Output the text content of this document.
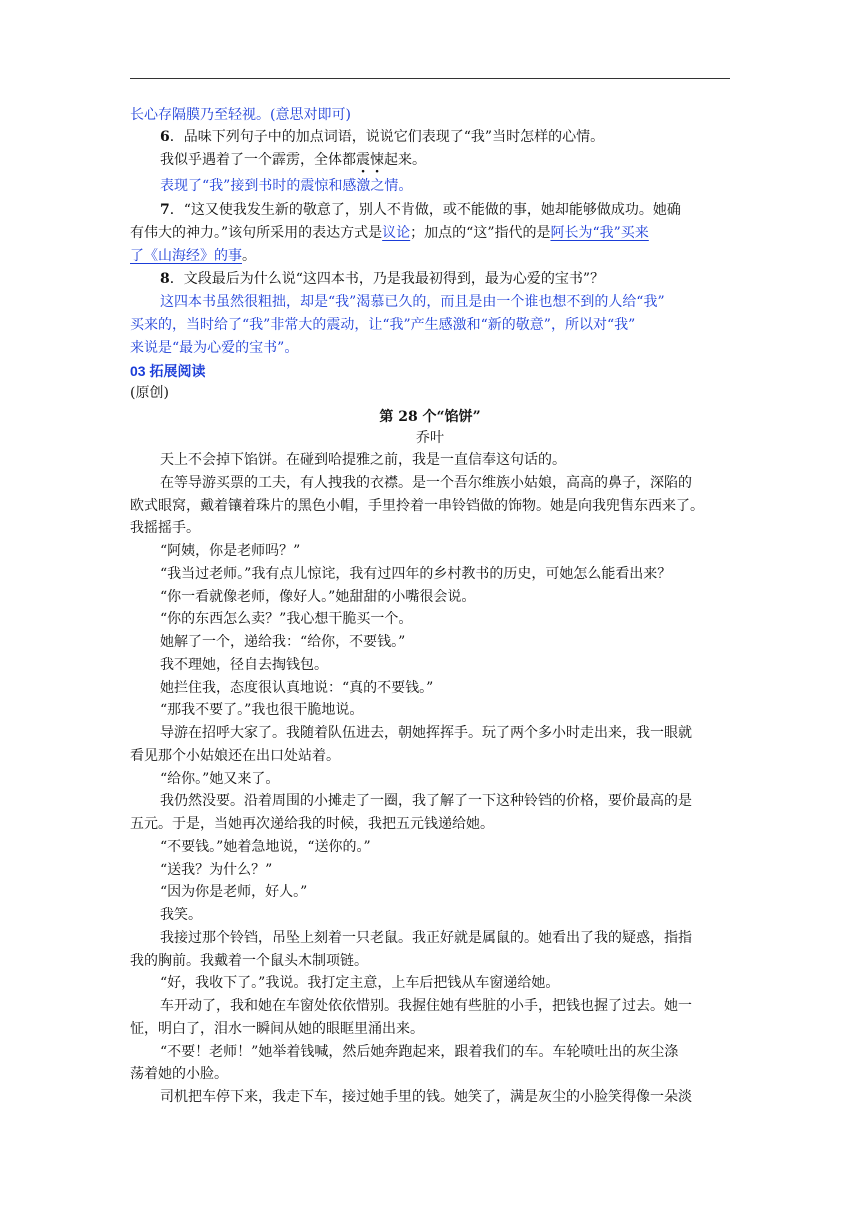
长心存隔膜乃至轻视。(意思对即可)
6．品味下列句子中的加点词语，说说它们表现了“我”当时怎样的心情。
我似乎遇着了一个霹雳，全体都震悚起来。
表现了“我”接到书时的震惊和感激之情。
7．“这又使我发生新的敬意了，别人不肯做，或不能做的事，她却能够做成功。她确
有伟大的神力。”该句所采用的表达方式是议论；加点的“这”指代的是阿长为“我”买来
了《山海经》的事。
8．文段最后为什么说“这四本书，乃是我最初得到，最为心爱的宝书”？
这四本书虽然很粗拙，却是“我”渴慕已久的，而且是由一个谁也想不到的人给“我”
买来的，当时给了“我”非常大的震动，让“我”产生感激和“新的敬意”，所以对“我”
来说是“最为心爱的宝书”。
03 拓展阅读
(原创)
第 28 个“馅饼”
乔叶
天上不会掉下馅饼。在碰到哈提雅之前，我是一直信奉这句话的。
在等导游买票的工夫，有人拽我的衣襟。是一个吾尔维族小姑娘，高高的鼻子，深陷的
欧式眼窝，戴着镶着珠片的黑色小帽，手里拎着一串铃铛做的饰物。她是向我兜售东西来了。
我摇摇手。
“阿姨，你是老师吗？”
“我当过老师。”我有点儿惊诧，我有过四年的乡村教书的历史，可她怎么能看出来？
“你一看就像老师，像好人。”她甜甜的小嘴很会说。
“你的东西怎么卖？”我心想干脆买一个。
她解了一个，递给我：“给你，不要钱。”
我不理她，径自去掏钱包。
她拦住我，态度很认真地说：“真的不要钱。”
“那我不要了。”我也很干脆地说。
导游在招呼大家了。我随着队伍进去，朝她挥挥手。玩了两个多小时走出来，我一眼就
看见那个小姑娘还在出口处站着。
“给你。”她又来了。
我仍然没要。沿着周围的小摊走了一圈，我了解了一下这种铃铛的价格，要价最高的是
五元。于是，当她再次递给我的时候，我把五元钱递给她。
“不要钱。”她着急地说，“送你的。”
“送我？为什么？”
“因为你是老师，好人。”
我笑。
我接过那个铃铛，吊坠上刻着一只老鼠。我正好就是属鼠的。她看出了我的疑惑，指指
我的胸前。我戴着一个鼠头木制项链。
“好，我收下了。”我说。我打定主意，上车后把钱从车窗递给她。
车开动了，我和她在车窗处依依惜别。我握住她有些脏的小手，把钱也握了过去。她一
怔，明白了，泪水一瞬间从她的眼眶里涌出来。
“不要！老师！”她举着钱喊，然后她奔跑起来，跟着我们的车。车轮喷吐出的灰尘涤
荡着她的小脸。
司机把车停下来，我走下车，接过她手里的钱。她笑了，满是灰尘的小脸笑得像一朵淡
